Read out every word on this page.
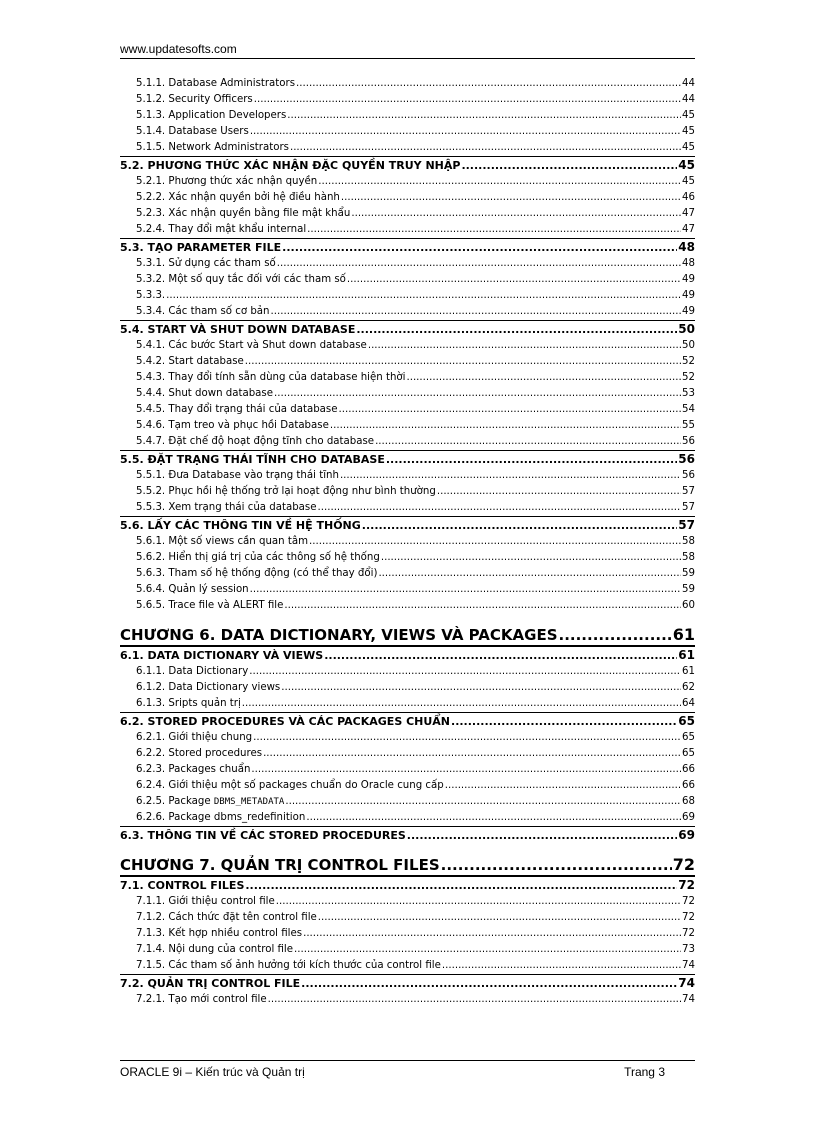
www.updatesofts.com
5.1.1. Database Administrators .....	44
5.1.2. Security Officers .....	44
5.1.3. Application Developers .....	45
5.1.4. Database Users .....	45
5.1.5. Network Administrators .....	45
5.2. PHƯƠNG THỨC XÁC NHẬN ĐẶC QUYỀN TRUY NHẬP .....	45
5.2.1. Phương thức xác nhận quyền .....	45
5.2.2. Xác nhận quyền bởi hệ điều hành .....	46
5.2.3. Xác nhận quyền bằng file mật khẩu .....	47
5.2.4. Thay đổi mật khẩu internal .....	47
5.3. TẠO PARAMETER FILE .....	48
5.3.1. Sử dụng các tham số .....	48
5.3.2. Một số quy tắc đối với các tham số .....	49
5.3.3. .....	49
5.3.4. Các tham số cơ bản .....	49
5.4. START VÀ SHUT DOWN DATABASE .....	50
5.4.1. Các bước Start và Shut down database .....	50
5.4.2. Start database .....	52
5.4.3. Thay đổi tính sẵn dùng của database hiện thời .....	52
5.4.4. Shut down database .....	53
5.4.5. Thay đổi trạng thái của database .....	54
5.4.6. Tạm treo và phục hồi Database .....	55
5.4.7. Đặt chế độ hoạt động tĩnh cho database .....	56
5.5. ĐẶT TRẠNG THÁI TĨNH CHO DATABASE .....	56
5.5.1. Đưa Database vào trạng thái tĩnh .....	56
5.5.2. Phục hồi hệ thống trở lại hoạt động như bình thường .....	57
5.5.3. Xem trạng thái của database .....	57
5.6. LẤY CÁC THÔNG TIN VỀ HỆ THỐNG .....	57
5.6.1. Một số views cần quan tâm .....	58
5.6.2. Hiển thị giá trị của các thông số hệ thống .....	58
5.6.3. Tham số hệ thống động (có thể thay đổi) .....	59
5.6.4. Quản lý session .....	59
5.6.5. Trace file và ALERT file .....	60
CHƯƠNG 6. DATA DICTIONARY, VIEWS VÀ PACKAGES .....	61
6.1. DATA DICTIONARY VÀ VIEWS .....	61
6.1.1. Data Dictionary .....	61
6.1.2. Data Dictionary views .....	62
6.1.3. Sripts quản trị .....	64
6.2. STORED PROCEDURES VÀ CÁC PACKAGES CHUẨN .....	65
6.2.1. Giới thiệu chung .....	65
6.2.2. Stored procedures .....	65
6.2.3. Packages chuẩn .....	66
6.2.4. Giới thiệu một số packages chuẩn do Oracle cung cấp .....	66
6.2.5. Package DBMS_METADATA .....	68
6.2.6. Package dbms_redefinition .....	69
6.3. THÔNG TIN VỀ CÁC STORED PROCEDURES .....	69
CHƯƠNG 7. QUẢN TRỊ CONTROL FILES .....	72
7.1. CONTROL FILES .....	72
7.1.1. Giới thiệu control file .....	72
7.1.2. Cách thức đặt tên control file .....	72
7.1.3. Kết hợp nhiều control files .....	72
7.1.4. Nội dung của control file .....	73
7.1.5. Các tham số ảnh hưởng tới kích thước của control file .....	74
7.2. QUẢN TRỊ CONTROL FILE .....	74
7.2.1. Tạo mới control file .....	74
ORACLE 9i – Kiến trúc và Quản trị	Trang 3
